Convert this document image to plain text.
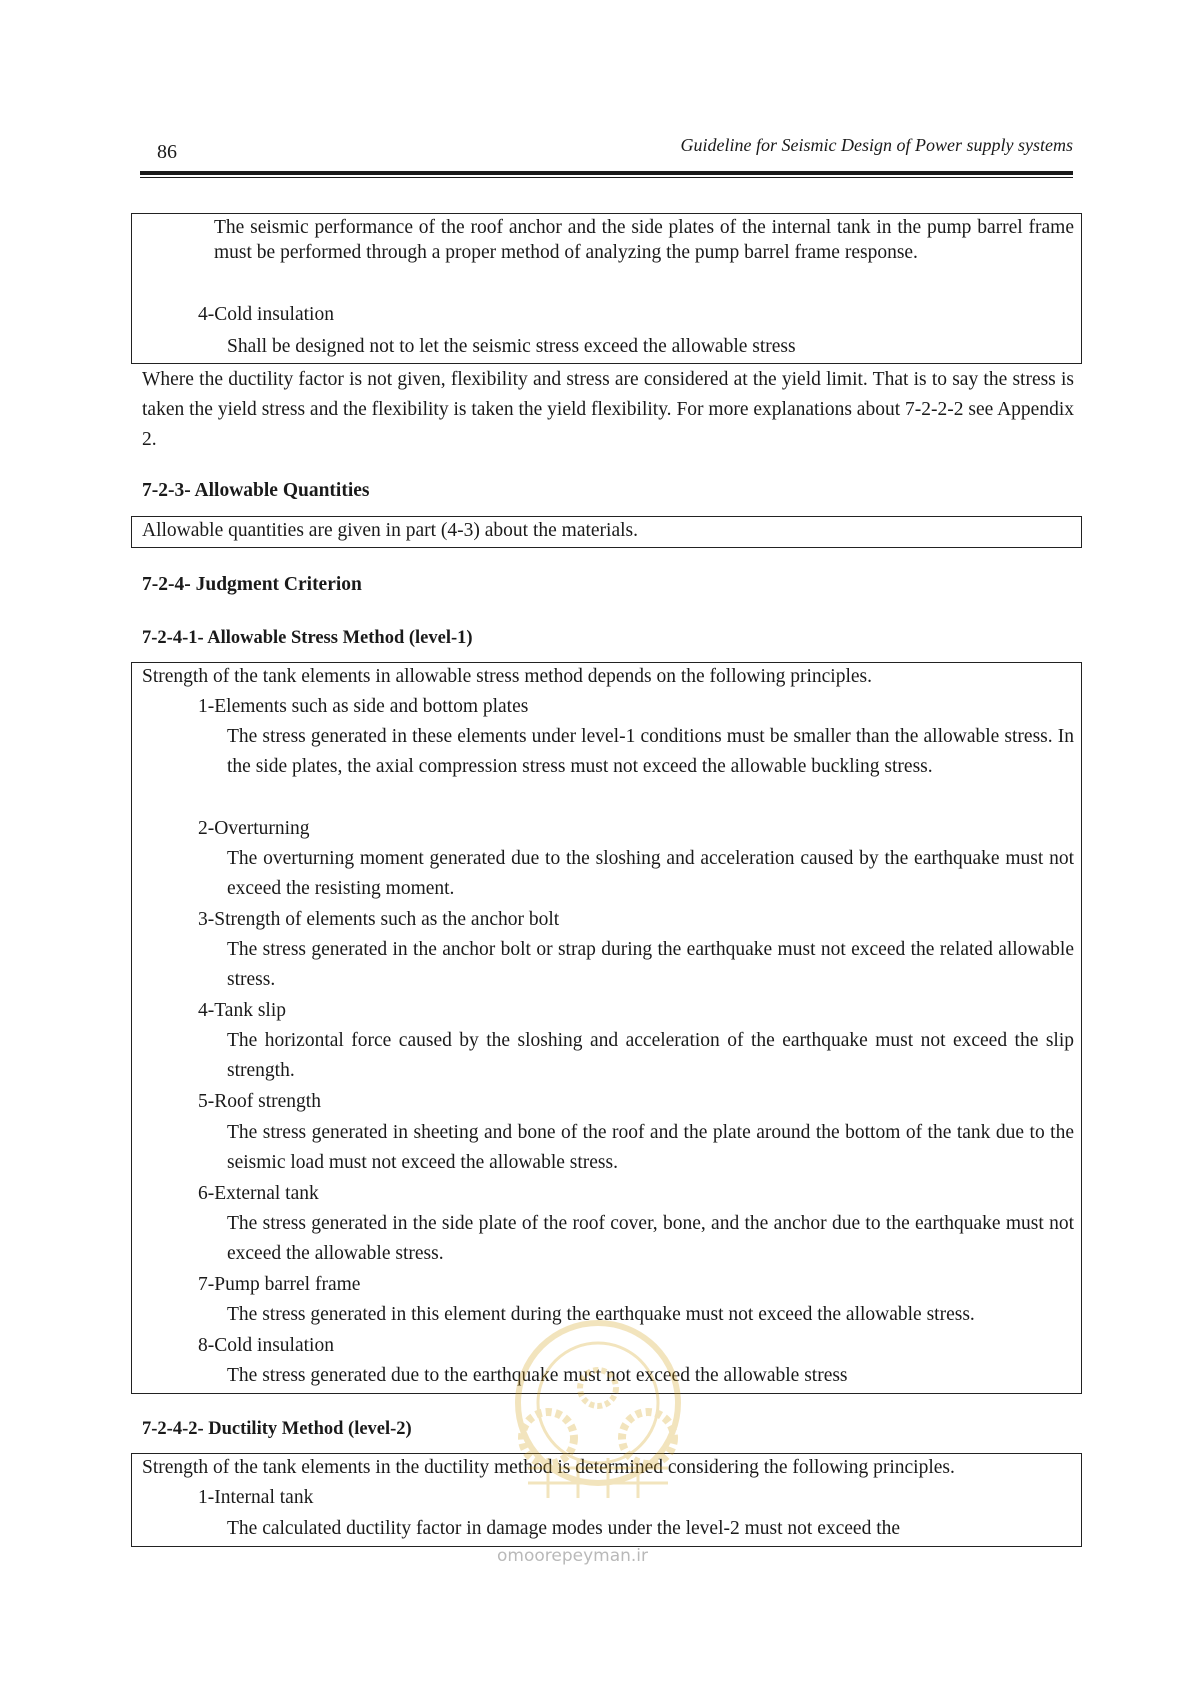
86	Guideline for Seismic Design of Power supply systems
The seismic performance of the roof anchor and the side plates of the internal tank in the pump barrel frame must be performed through a proper method of analyzing the pump barrel frame response.
4-Cold insulation
Shall be designed not to let the seismic stress exceed the allowable stress
Where the ductility factor is not given, flexibility and stress are considered at the yield limit. That is to say the stress is taken the yield stress and the flexibility is taken the yield flexibility. For more explanations about 7-2-2-2 see Appendix 2.
7-2-3- Allowable Quantities
Allowable quantities are given in part (4-3) about the materials.
7-2-4- Judgment Criterion
7-2-4-1- Allowable Stress Method (level-1)
Strength of the tank elements in allowable stress method depends on the following principles.
1-Elements such as side and bottom plates
The stress generated in these elements under level-1 conditions must be smaller than the allowable stress. In the side plates, the axial compression stress must not exceed the allowable buckling stress.
2-Overturning
The overturning moment generated due to the sloshing and acceleration caused by the earthquake must not exceed the resisting moment.
3-Strength of elements such as the anchor bolt
The stress generated in the anchor bolt or strap during the earthquake must not exceed the related allowable stress.
4-Tank slip
The horizontal force caused by the sloshing and acceleration of the earthquake must not exceed the slip strength.
5-Roof strength
The stress generated in sheeting and bone of the roof and the plate around the bottom of the tank due to the seismic load must not exceed the allowable stress.
6-External tank
The stress generated in the side plate of the roof cover, bone, and the anchor due to the earthquake must not exceed the allowable stress.
7-Pump barrel frame
The stress generated in this element during the earthquake must not exceed the allowable stress.
8-Cold insulation
The stress generated due to the earthquake must not exceed the allowable stress
7-2-4-2- Ductility Method (level-2)
Strength of the tank elements in the ductility method is determined considering the following principles.
1-Internal tank
The calculated ductility factor in damage modes under the level-2 must not exceed the
omoorepeyman.ir
